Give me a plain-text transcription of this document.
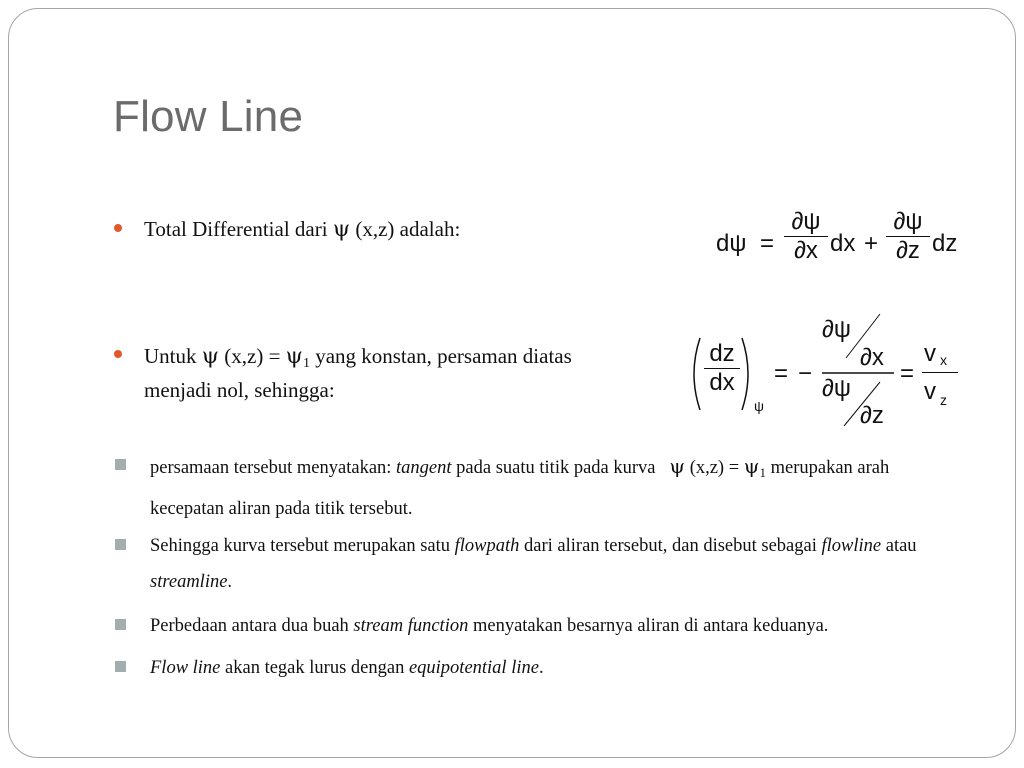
Flow Line
Total Differential dari ψ (x,z) adalah:
Untuk ψ $(x,z) = \psi_1$ yang konstan, persaman diatas
menjadi nol, sehingga:
$d\psi = \frac{\partial\psi}{\partial x}$ dx + $\frac{\partial\psi}{\partial z}$ dz
$\frac{dz}{dx}$
ψ
= −
∂ψ
∂x
∂ψ
∂z
=
vx
v $_z$
persamaan tersebut menyatakan: tangent pada suatu titik pada kurva   ψ $(x,z) = \psi_1$ merupakan arah kecepatan aliran pada titik tersebut.
Sehingga kurva tersebut merupakan satu flowpath dari aliran tersebut, dan disebut sebagai flowline atau streamline.
Perbedaan antara dua buah stream function menyatakan besarnya aliran di antara keduanya.
Flow line akan tegak lurus dengan equipotential line.
